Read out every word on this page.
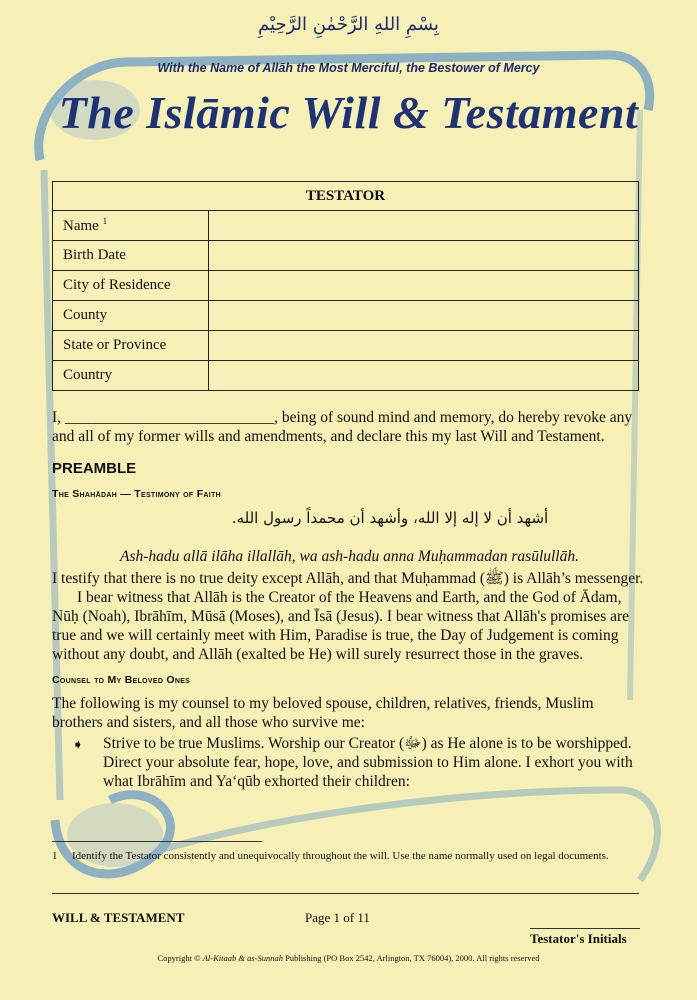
بِسْمِ اللهِ الرَّحْمٰنِ الرَّحِيْمِ
With the Name of Allāh the Most Merciful, the Bestower of Mercy
The Islāmic Will & Testament
TESTATOR	
Name $^1$	
Birth Date	
City of Residence	
County	
State or Province	
Country	
I, ___________________________, being of sound mind and memory, do hereby revoke any and all of my former wills and amendments, and declare this my last Will and Testament.
PREAMBLE
The Shahādah — Testimony of Faith
أشهد أن لا إله إلا الله، وأشهد أن محمداً رسول الله.
Ash-hadu allā ilāha illallāh, wa ash-hadu anna Muḥammadan rasūlullāh.
I testify that there is no true deity except Allāh, and that Muḥammad (ﷺ) is Allāh’s messenger.
I bear witness that Allāh is the Creator of the Heavens and Earth, and the God of Ādam, Nūḥ (Noah), Ibrāhīm, Mūsā (Moses), and Īsā (Jesus). I bear witness that Allāh's promises are true and we will certainly meet with Him, Paradise is true, the Day of Judgement is coming without any doubt, and Allāh (exalted be He) will surely resurrect those in the graves.
Counsel to My Beloved Ones
The following is my counsel to my beloved spouse, children, relatives, friends, Muslim brothers and sisters, and all those who survive me:
➧ Strive to be true Muslims. Worship our Creator (ﷻ) as He alone is to be worshipped. Direct your absolute fear, hope, love, and submission to Him alone. I exhort you with what Ibrāhīm and Ya‘qūb exhorted their children:
1 Identify the Testator consistently and unequivocally throughout the will. Use the name normally used on legal documents.
WILL & TESTAMENT	Page 1 of 11
Testator's Initials
Copyright © Al-Kitaab & as-Sunnah Publishing (PO Box 2542, Arlington, TX 76004), 2000. All rights reserved
